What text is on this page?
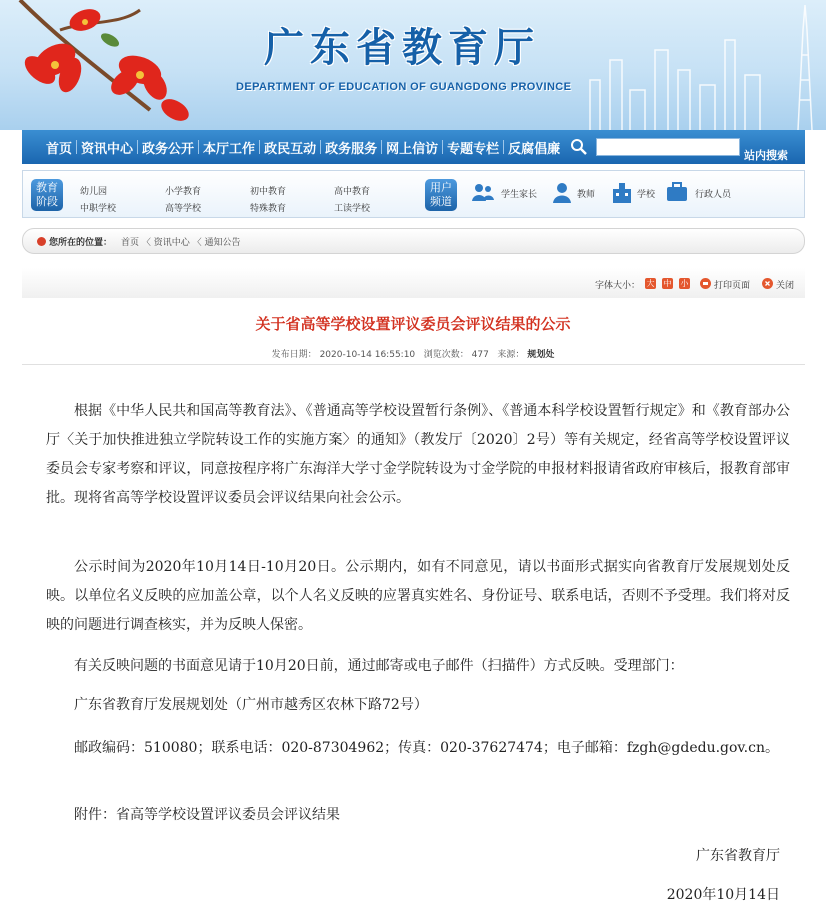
广东省教育厅
DEPARTMENT OF EDUCATION OF GUANGDONG PROVINCE
首页 资讯中心 政务公开 本厅工作 政民互动 政务服务 网上信访 专题专栏 反腐倡廉	站内搜索
教育
阶段
幼儿园	小学教育	初中教育	高中教育
中职学校	高等学校	特殊教育	工读学校
用户
频道	学生家长	教师	学校	行政人员
您所在的位置： 首页 〈 资讯中心 〈 通知公告
字体大小： 大 中 小	打印页面	关闭
关于省高等学校设置评议委员会评议结果的公示
发布日期： 2020-10-14 16:55:10 浏览次数： 477 来源： 规划处

根据《中华人民共和国高等教育法》、《普通高等学校设置暂行条例》、《普通本科学校设置暂行规定》和《教育部办公厅〈关于加快推进独立学院转设工作的实施方案〉的通知》（教发厅〔2020〕2号）等有关规定，经省高等学校设置评议委员会专家考察和评议，同意按程序将广东海洋大学寸金学院转设为寸金学院的申报材料报请省政府审核后，报教育部审批。现将省高等学校设置评议委员会评议结果向社会公示。

公示时间为2020年10月14日-10月20日。公示期内，如有不同意见，请以书面形式据实向省教育厅发展规划处反映。以单位名义反映的应加盖公章，以个人名义反映的应署真实姓名、身份证号、联系电话，否则不予受理。我们将对反映的问题进行调查核实，并为反映人保密。

有关反映问题的书面意见请于10月20日前，通过邮寄或电子邮件（扫描件）方式反映。受理部门：

广东省教育厅发展规划处（广州市越秀区农林下路72号）

邮政编码：510080；联系电话：020-87304962；传真：020-37627474；电子邮箱：fzgh@gdedu.gov.cn。

附件：省高等学校设置评议委员会评议结果

广东省教育厅
2020年10月14日
